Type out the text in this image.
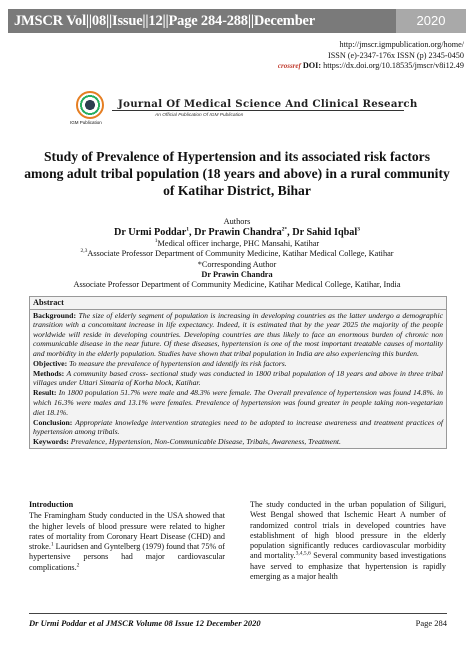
JMSCR Vol||08||Issue||12||Page 284-288||December	2020
http://jmscr.igmpublication.org/home/
ISSN (e)-2347-176x ISSN (p) 2345-0450
crossref DOI: https://dx.doi.org/10.18535/jmscr/v8i12.49
IGM Publication
Journal Of Medical Science And Clinical Research
An Official Publication Of IGM Publication
Study of Prevalence of Hypertension and its associated risk factors among adult tribal population (18 years and above) in a rural community of Katihar District, Bihar
Authors
Dr Urmi Poddar$^1$, Dr Prawin Chandra$^{2*}$, Dr Sahid Iqbal$^3$
$^1$Medical officer incharge, PHC Mansahi, Katihar
$^{2,3}$Associate Professor Department of Community Medicine, Katihar Medical College, Katihar
*Corresponding Author
Dr Prawin Chandra
Associate Professor Department of Community Medicine, Katihar Medical College, Katihar, India
Abstract

Background: The size of elderly segment of population is increasing in developing countries as the latter undergo a demographic transition with a concomitant increase in life expectancy. Indeed, it is estimated that by the year 2025 the majority of the people worldwide will reside in developing countries. Developing countries are thus likely to face an enormous burden of chronic non communicable disease in the near future. Of these diseases, hypertension is one of the most important treatable causes of mortality and morbidity in the elderly population. Studies have shown that tribal population in India are also experiencing this burden.

Objective: To measure the prevalence of hypertension and identify its risk factors.

Methods: A community based cross- sectional study was conducted in 1800 tribal population of 18 years and above in three tribal villages under Uttari Simaria of Korha block, Katihar.

Result: In 1800 population 51.7% were male and 48.3% were female. The Overall prevalence of hypertension was found 14.8%. in which 16.3% were males and 13.1% were females. Prevalence of hypertension was found greater in people taking non-vegetarian diet 18.1%.

Conclusion: Appropriate knowledge intervention strategies need to be adopted to increase awareness and treatment practices of hypertension among tribals.

Keywords: Prevalence, Hypertension, Non-Communicable Disease, Tribals, Awareness, Treatment.

Introduction
The Framingham Study conducted in the USA showed that the higher levels of blood pressure were related to higher rates of mortality from Coronary Heart Disease (CHD) and stroke.$^1$ Lauridsen and Gyntelberg (1979) found that 75% of hypertensive persons had major cardiovascular complications.$^2$
The study conducted in the urban population of Siliguri, West Bengal showed that Ischemic Heart A number of randomized control trials in developed countries have establishment of high blood pressure in the elderly population significantly reduces cardiovascular morbidity and mortality.$^{3,4,5,6}$ Several community based investigations have served to emphasize that hypertension is rapidly emerging as a major health
Dr Urmi Poddar et al JMSCR Volume 08 Issue 12 December 2020	Page 284
